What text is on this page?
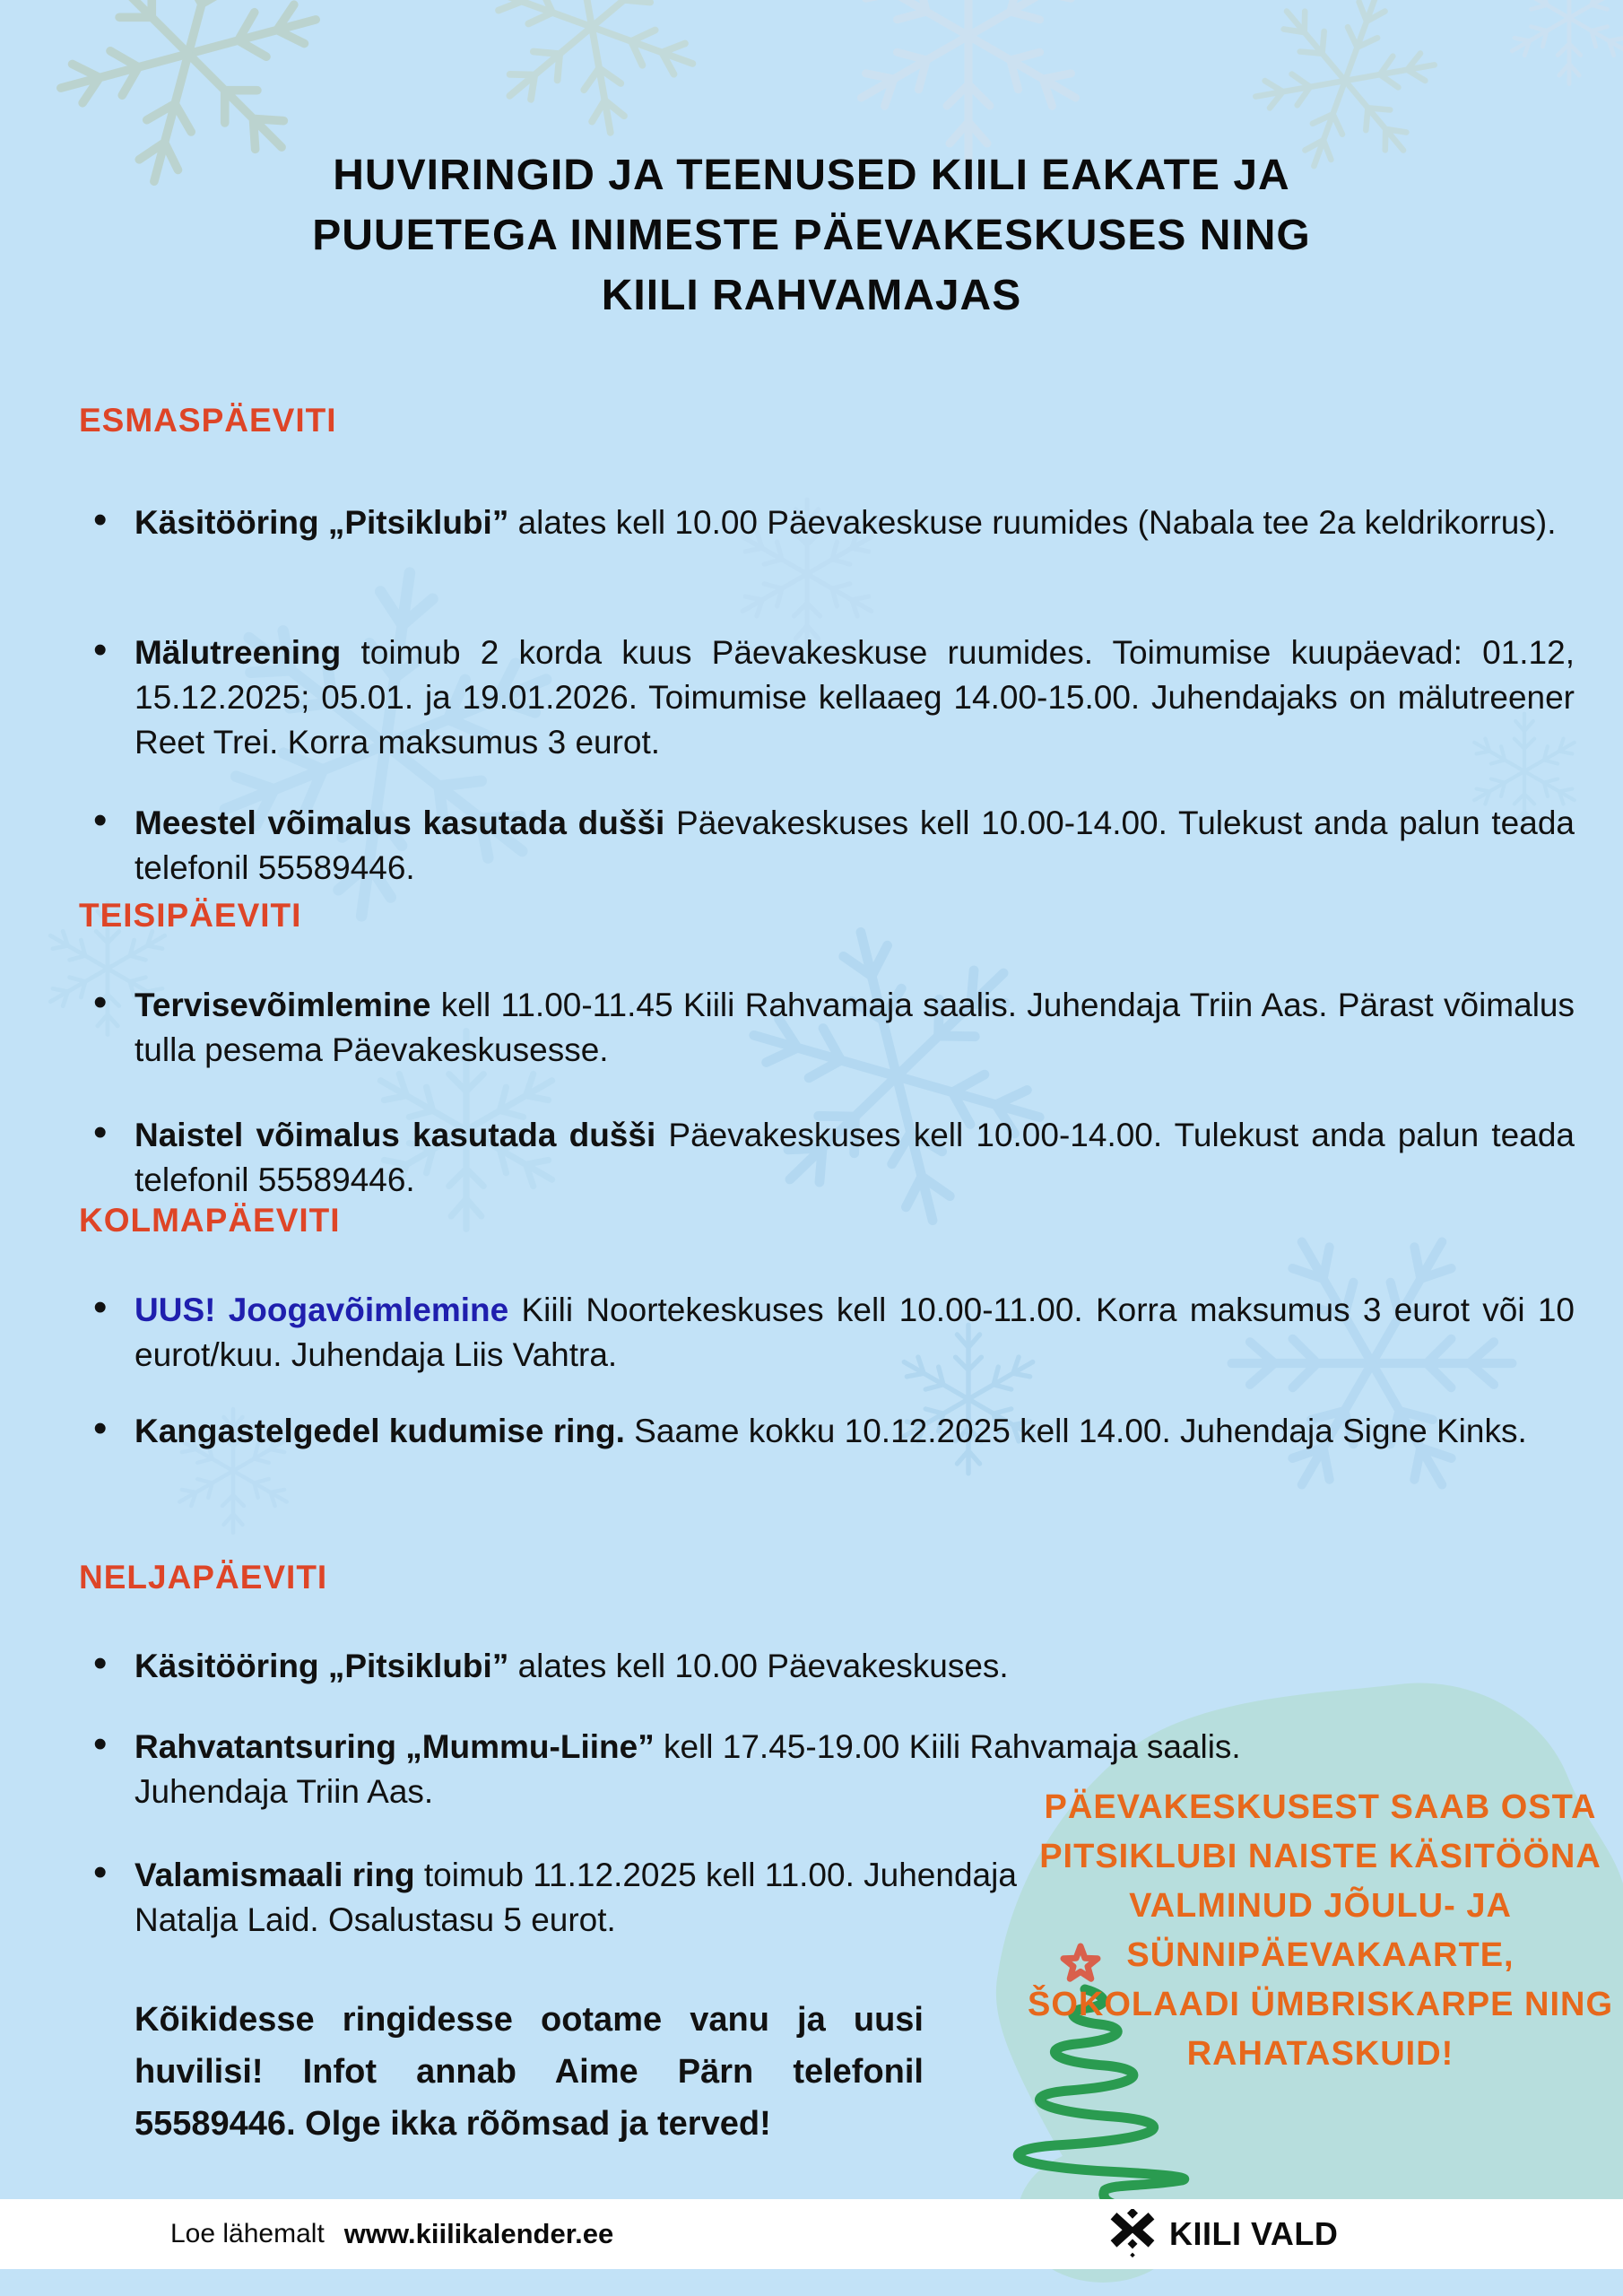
HUVIRINGID JA TEENUSED KIILI EAKATE JA
PUUETEGA INIMESTE PÄEVAKESKUSES NING
KIILI RAHVAMAJAS
ESMASPÄEVITI
TEISIPÄEVITI
KOLMAPÄEVITI
NELJAPÄEVITI
• Käsitööring „Pitsiklubi” alates kell 10.00 Päevakeskuse ruumides (Nabala tee 2a keldrikorrus).
• Mälutreening toimub 2 korda kuus Päevakeskuse ruumides. Toimumise kuupäevad: 01.12, 15.12.2025; 05.01. ja 19.01.2026. Toimumise kellaaeg 14.00-15.00. Juhendajaks on mälutreener Reet Trei. Korra maksumus 3 eurot.
• Meestel võimalus kasutada dušši Päevakeskuses kell 10.00-14.00. Tulekust anda palun teada telefonil 55589446.
• Tervisevõimlemine kell 11.00-11.45 Kiili Rahvamaja saalis. Juhendaja Triin Aas. Pärast võimalus tulla pesema Päevakeskusesse.
• Naistel võimalus kasutada dušši Päevakeskuses kell 10.00-14.00. Tulekust anda palun teada telefonil 55589446.
• UUS! Joogavõimlemine Kiili Noortekeskuses kell 10.00-11.00. Korra maksumus 3 eurot või 10 eurot/kuu. Juhendaja Liis Vahtra.
• Kangastelgedel kudumise ring. Saame kokku 10.12.2025 kell 14.00. Juhendaja Signe Kinks.
• Käsitööring „Pitsiklubi” alates kell 10.00 Päevakeskuses.
• Rahvatantsuring „Mummu-Liine” kell 17.45-19.00 Kiili Rahvamaja saalis. Juhendaja Triin Aas.
• Valamismaali ring toimub 11.12.2025 kell 11.00. Juhendaja Natalja Laid. Osalustasu 5 eurot.
Kõikidesse ringidesse ootame vanu ja uusi huvilisi! Infot annab Aime Pärn telefonil 55589446. Olge ikka rõõmsad ja terved!
PÄEVAKESKUSEST SAAB OSTA PITSIKLUBI NAISTE KÄSITÖÖNA VALMINUD JÕULU- JA SÜNNIPÄEVAKAARTE, ŠOKOLAADI ÜMBRISKARPE NING RAHATASKUID!
Loe lähemalt www.kiilikalender.ee	KIILI VALD
